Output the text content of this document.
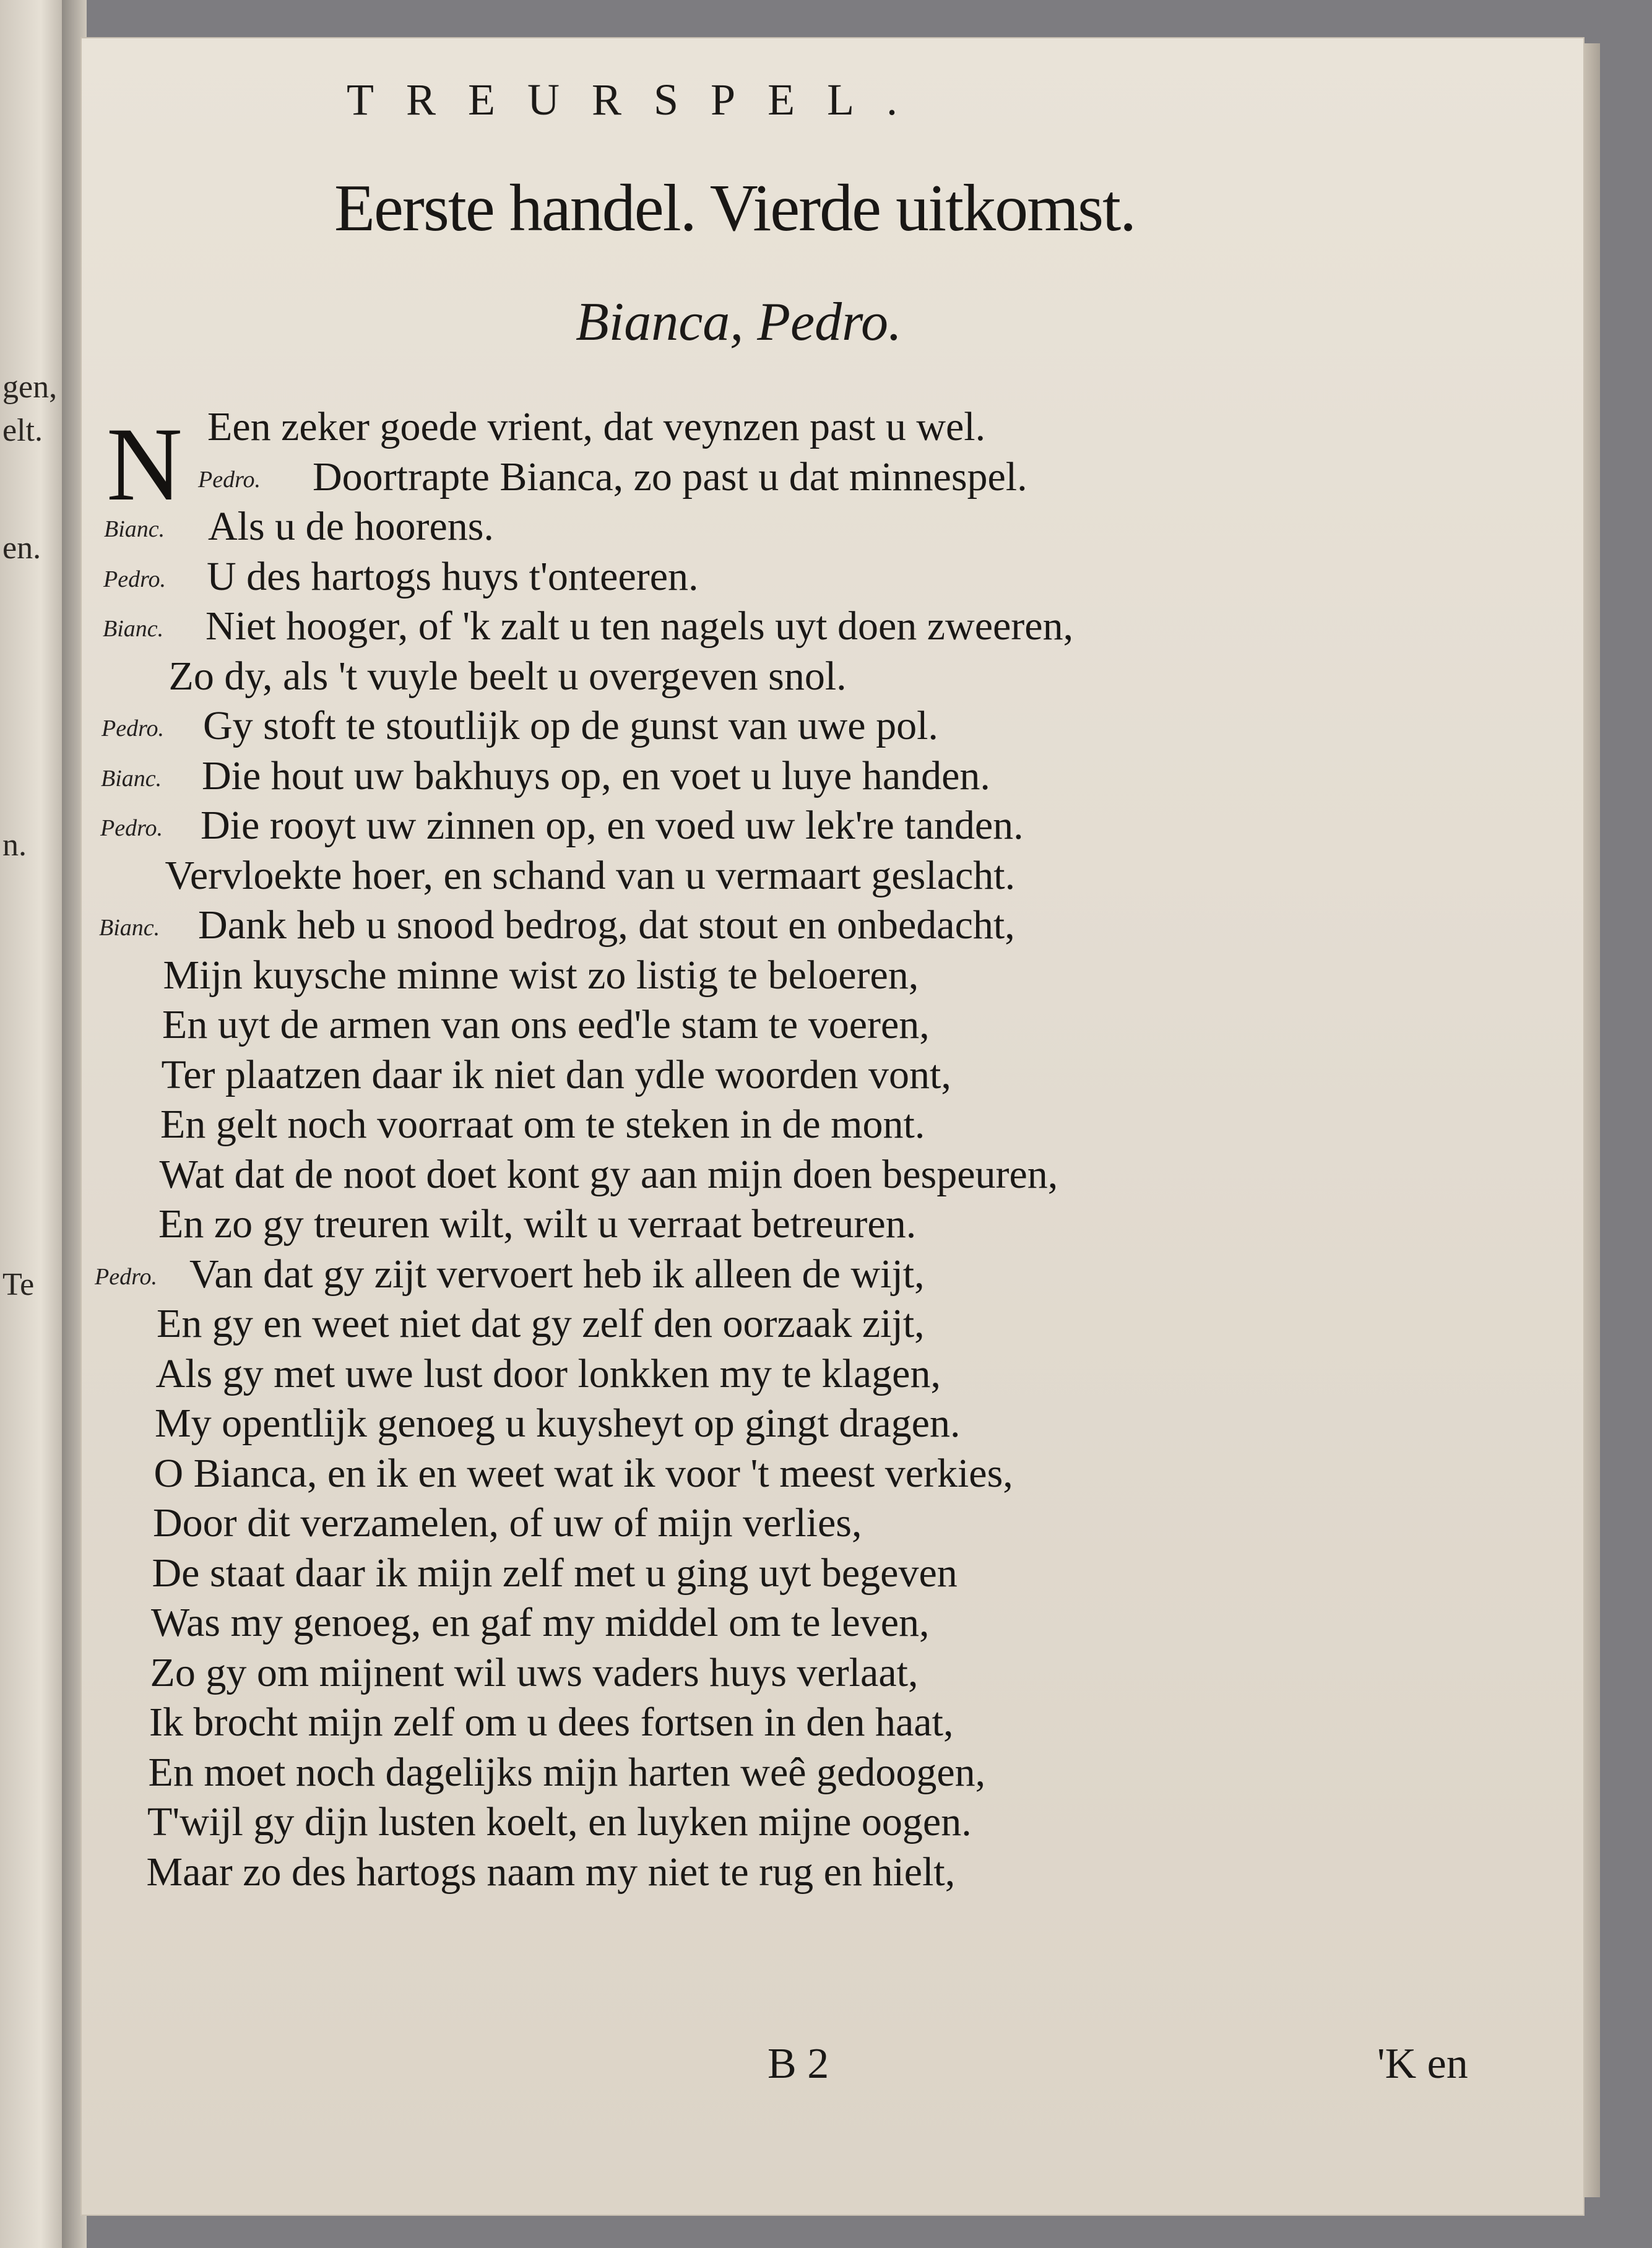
gen,
elt.
en.
n.
Te
TREURSPEL.
Eerste handel. Vierde uitkomst.
Bianca, Pedro.
N Een zeker goede vrient, dat veynzen past u wel.
Pedro. Doortrapte Bianca, zo past u dat minnespel.
Bianc. Als u de hoorens.
Pedro. U des hartogs huys t'onteeren.
Bianc. Niet hooger, of 'k zalt u ten nagels uyt doen zweeren,
Zo dy, als 't vuyle beelt u overgeven snol.
Pedro. Gy stoft te stoutlijk op de gunst van uwe pol.
Bianc. Die hout uw bakhuys op, en voet u luye handen.
Pedro. Die rooyt uw zinnen op, en voed uw lek're tanden.
Vervloekte hoer, en schand van u vermaart geslacht.
Bianc. Dank heb u snood bedrog, dat stout en onbedacht,
Mijn kuysche minne wist zo listig te beloeren,
En uyt de armen van ons eed'le stam te voeren,
Ter plaatzen daar ik niet dan ydle woorden vont,
En gelt noch voorraat om te steken in de mont.
Wat dat de noot doet kont gy aan mijn doen bespeuren,
En zo gy treuren wilt, wilt u verraat betreuren.
Pedro. Van dat gy zijt vervoert heb ik alleen de wijt,
En gy en weet niet dat gy zelf den oorzaak zijt,
Als gy met uwe lust door lonkken my te klagen,
My opentlijk genoeg u kuysheyt op gingt dragen.
O Bianca, en ik en weet wat ik voor 't meest verkies,
Door dit verzamelen, of uw of mijn verlies,
De staat daar ik mijn zelf met u ging uyt begeven
Was my genoeg, en gaf my middel om te leven,
Zo gy om mijnent wil uws vaders huys verlaat,
Ik brocht mijn zelf om u dees fortsen in den haat,
En moet noch dagelijks mijn harten weê gedoogen,
T'wijl gy dijn lusten koelt, en luyken mijne oogen.
Maar zo des hartogs naam my niet te rug en hielt,
B 2	'K en
